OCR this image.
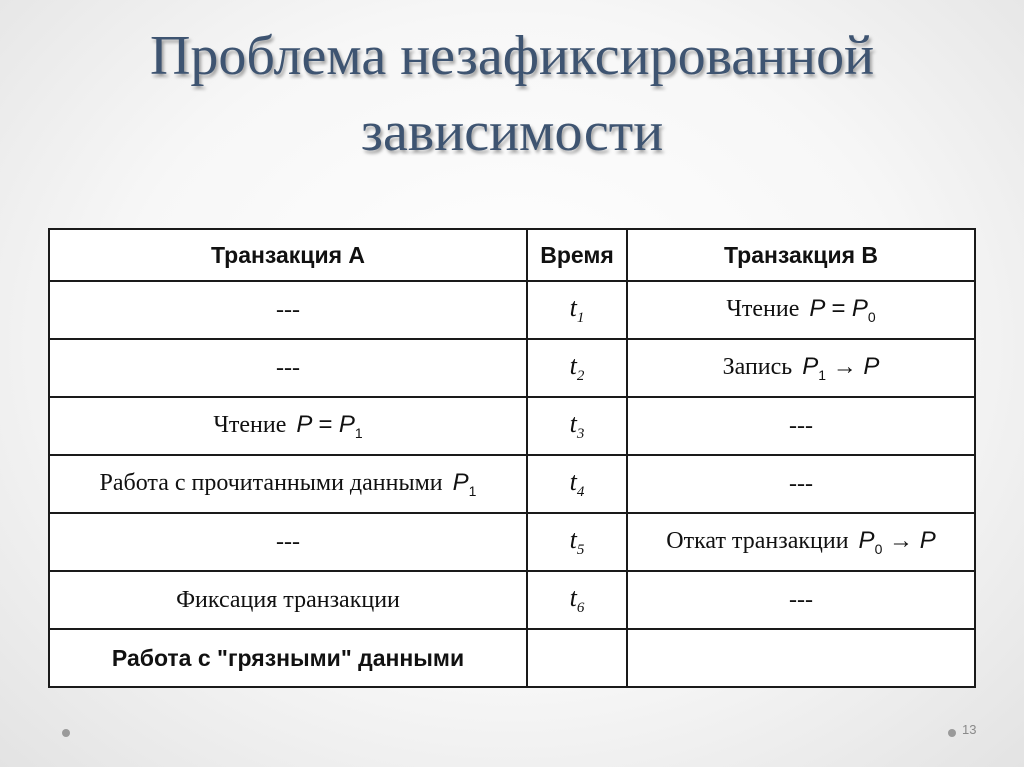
Проблема незафиксированной
зависимости
Транзакция А	Время	Транзакция В
---	$t_1$	Чтение $P = P_0$
---	$t_2$	Запись $P_1 \to P$
Чтение $P = P_1$	$t_3$	---
Работа с прочитанными данными $P_1$	$t_4$	---
---	$t_5$	Откат транзакции $P_0 \to P$
Фиксация транзакции	$t_6$	---
Работа с "грязными" данными		
13
